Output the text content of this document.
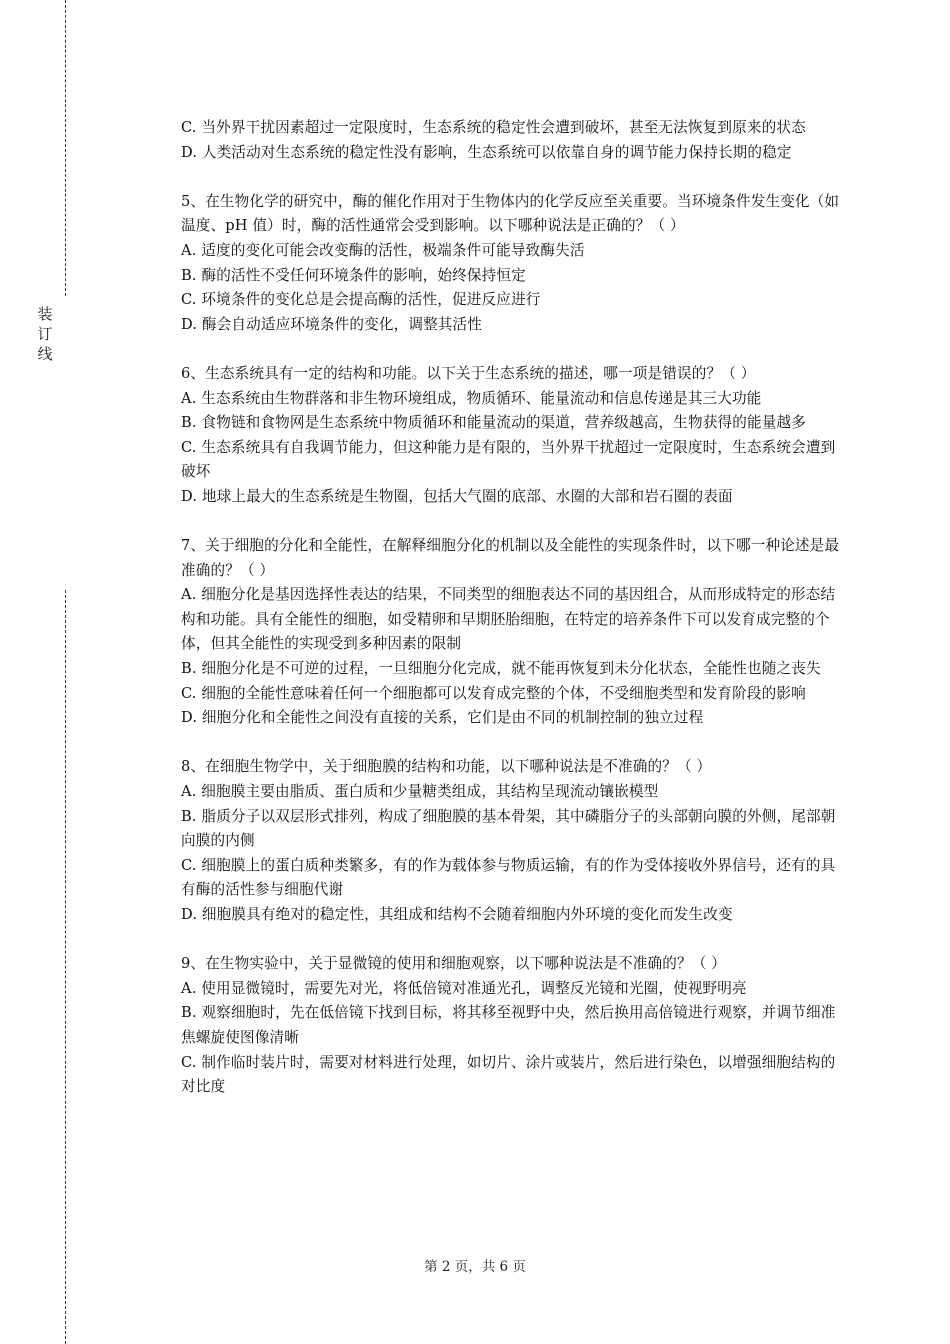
装
订
线

C. 当外界干扰因素超过一定限度时，生态系统的稳定性会遭到破坏，甚至无法恢复到原来的状态

D. 人类活动对生态系统的稳定性没有影响，生态系统可以依靠自身的调节能力保持长期的稳定

5、在生物化学的研究中，酶的催化作用对于生物体内的化学反应至关重要。当环境条件发生变化（如温度、pH 值）时，酶的活性通常会受到影响。以下哪种说法是正确的？（ ）

A. 适度的变化可能会改变酶的活性，极端条件可能导致酶失活

B. 酶的活性不受任何环境条件的影响，始终保持恒定

C. 环境条件的变化总是会提高酶的活性，促进反应进行

D. 酶会自动适应环境条件的变化，调整其活性

6、生态系统具有一定的结构和功能。以下关于生态系统的描述，哪一项是错误的？（ ）

A. 生态系统由生物群落和非生物环境组成，物质循环、能量流动和信息传递是其三大功能

B. 食物链和食物网是生态系统中物质循环和能量流动的渠道，营养级越高，生物获得的能量越多

C. 生态系统具有自我调节能力，但这种能力是有限的，当外界干扰超过一定限度时，生态系统会遭到破坏

D. 地球上最大的生态系统是生物圈，包括大气圈的底部、水圈的大部和岩石圈的表面

7、关于细胞的分化和全能性，在解释细胞分化的机制以及全能性的实现条件时，以下哪一种论述是最准确的？（ ）

A. 细胞分化是基因选择性表达的结果，不同类型的细胞表达不同的基因组合，从而形成特定的形态结构和功能。具有全能性的细胞，如受精卵和早期胚胎细胞，在特定的培养条件下可以发育成完整的个体，但其全能性的实现受到多种因素的限制

B. 细胞分化是不可逆的过程，一旦细胞分化完成，就不能再恢复到未分化状态，全能性也随之丧失

C. 细胞的全能性意味着任何一个细胞都可以发育成完整的个体，不受细胞类型和发育阶段的影响

D. 细胞分化和全能性之间没有直接的关系，它们是由不同的机制控制的独立过程

8、在细胞生物学中，关于细胞膜的结构和功能，以下哪种说法是不准确的？（ ）

A. 细胞膜主要由脂质、蛋白质和少量糖类组成，其结构呈现流动镶嵌模型

B. 脂质分子以双层形式排列，构成了细胞膜的基本骨架，其中磷脂分子的头部朝向膜的外侧，尾部朝向膜的内侧

C. 细胞膜上的蛋白质种类繁多，有的作为载体参与物质运输，有的作为受体接收外界信号，还有的具有酶的活性参与细胞代谢

D. 细胞膜具有绝对的稳定性，其组成和结构不会随着细胞内外环境的变化而发生改变

9、在生物实验中，关于显微镜的使用和细胞观察，以下哪种说法是不准确的？（ ）

A. 使用显微镜时，需要先对光，将低倍镜对准通光孔，调整反光镜和光圈，使视野明亮

B. 观察细胞时，先在低倍镜下找到目标，将其移至视野中央，然后换用高倍镜进行观察，并调节细准焦螺旋使图像清晰

C. 制作临时装片时，需要对材料进行处理，如切片、涂片或装片，然后进行染色，以增强细胞结构的对比度

第 2 页，共 6 页
